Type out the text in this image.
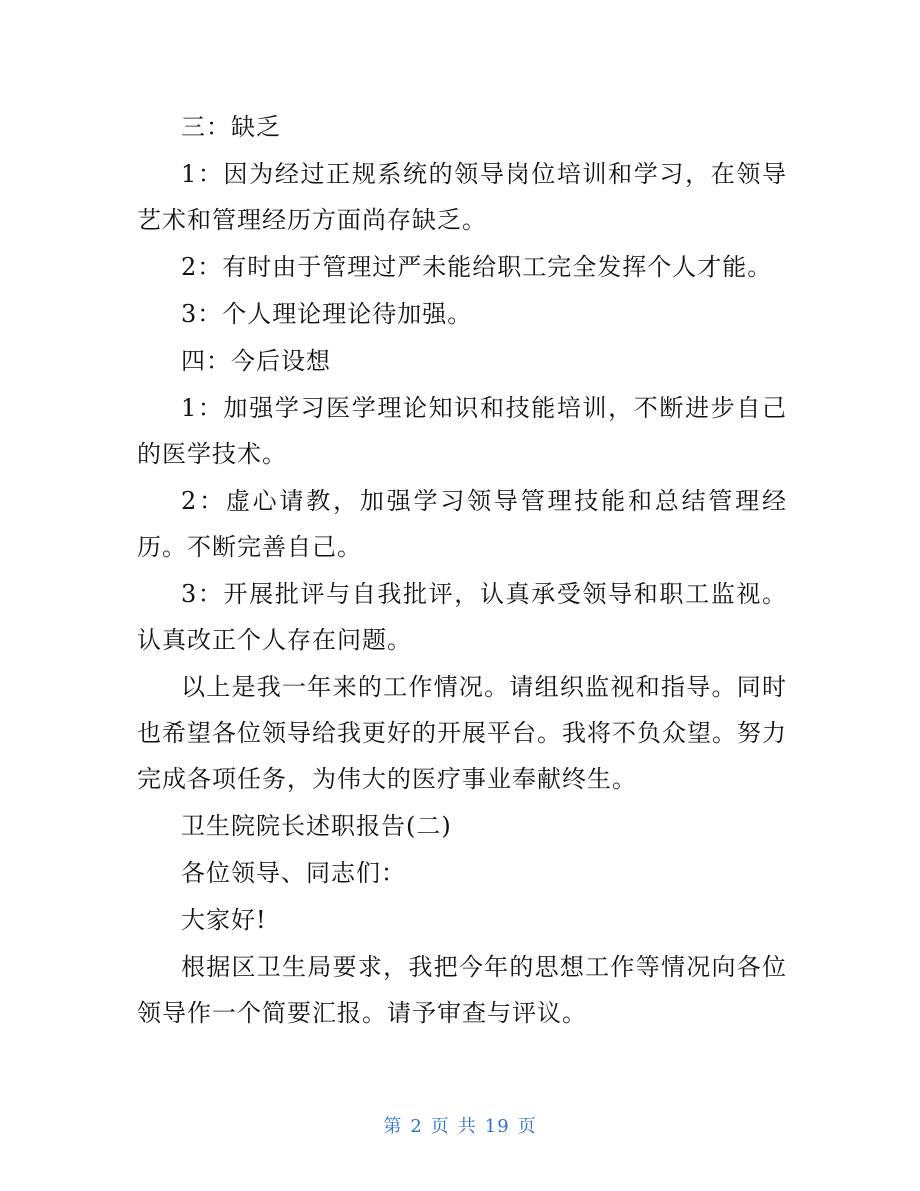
三：缺乏

1：因为经过正规系统的领导岗位培训和学习，在领导艺术和管理经历方面尚存缺乏。

2：有时由于管理过严未能给职工完全发挥个人才能。

3：个人理论理论待加强。

四：今后设想

1：加强学习医学理论知识和技能培训，不断进步自己的医学技术。

2：虚心请教，加强学习领导管理技能和总结管理经历。不断完善自己。

3：开展批评与自我批评，认真承受领导和职工监视。认真改正个人存在问题。

以上是我一年来的工作情况。请组织监视和指导。同时也希望各位领导给我更好的开展平台。我将不负众望。努力完成各项任务，为伟大的医疗事业奉献终生。

卫生院院长述职报告(二)

各位领导、同志们：

大家好!

根据区卫生局要求，我把今年的思想工作等情况向各位领导作一个简要汇报。请予审查与评议。

第 2 页 共 19 页
